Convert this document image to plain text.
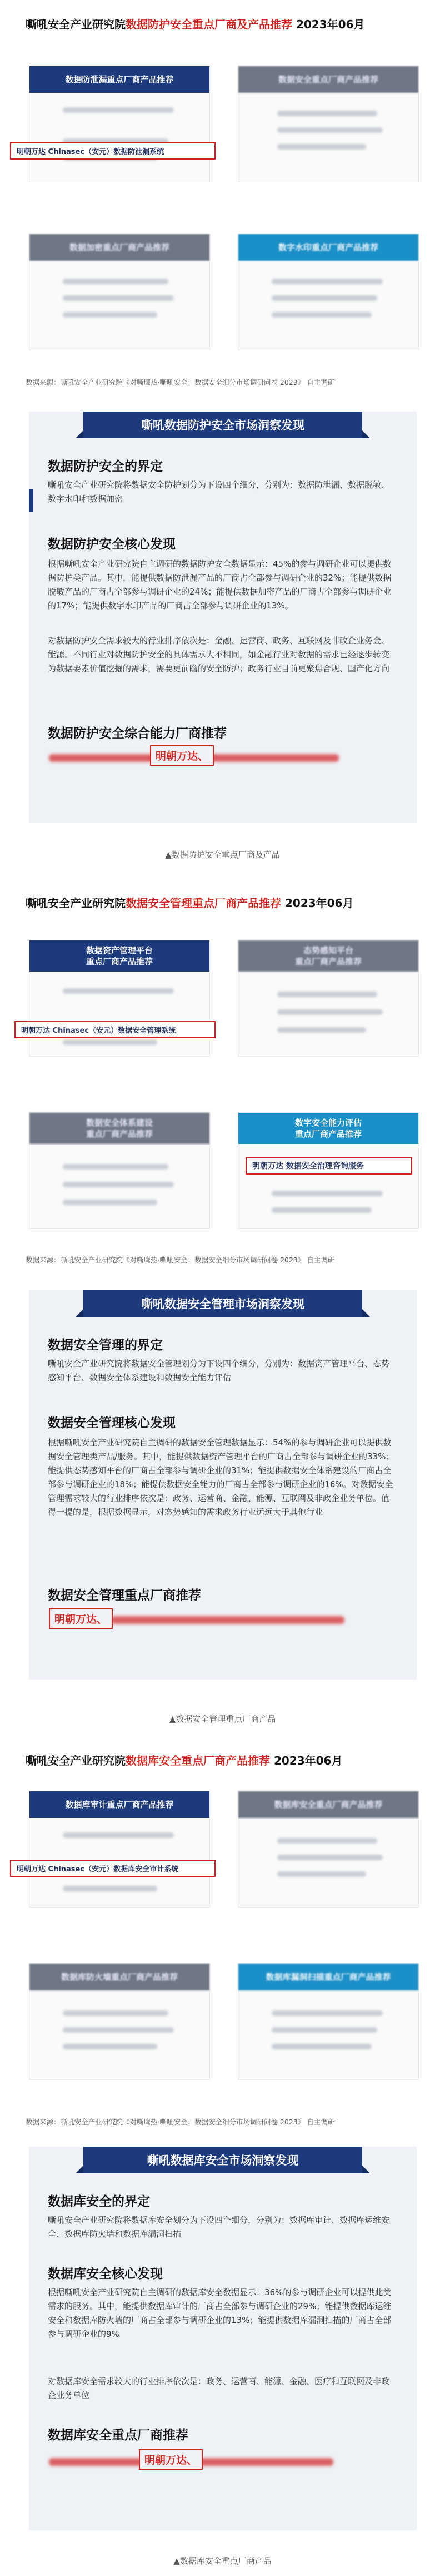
嘶吼安全产业研究院数据防护安全重点厂商及产品推荐 2023年06月
数据防泄漏重点厂商产品推荐
明朝万达 Chinasec（安元）数据防泄漏系统
数据安全重点厂商产品推荐
数据加密重点厂商产品推荐	数字水印重点厂商产品推荐
数据来源：嘶吼安全产业研究院《对嘶鹰热·嘶吼安全：数据安全细分市场调研问卷 2023》 自主调研
嘶吼数据防护安全市场洞察发现
数据防护安全的界定
嘶吼安全产业研究院将数据安全防护划分为下设四个细分，分别为：数据防泄漏、数据脱敏、数字水印和数据加密
数据防护安全核心发现
根据嘶吼安全产业研究院自主调研的数据防护安全数据显示：45%的参与调研企业可以提供数据防护类产品。其中，能提供数据防泄漏产品的厂商占全部参与调研企业的32%；能提供数据脱敏产品的厂商占全部参与调研企业的24%；能提供数据加密产品的厂商占全部参与调研企业的17%；能提供数字水印产品的厂商占全部参与调研企业的13%。
对数据防护安全需求较大的行业排序依次是：金融、运营商、政务、互联网及非政企业务金、能源。不同行业对数据防护安全的具体需求大不相同，如金融行业对数据的需求已经逐步转变为数据要素价值挖掘的需求，需要更前瞻的安全防护；政务行业目前更聚焦合规、国产化方向
数据防护安全综合能力厂商推荐
明朝万达、
▲数据防护安全重点厂商及产品
嘶吼安全产业研究院数据安全管理重点厂商产品推荐 2023年06月
数据资产管理平台
重点厂商产品推荐
明朝万达 Chinasec（安元）数据安全管理系统
态势感知平台
重点厂商产品推荐
数据安全体系建设
重点厂商产品推荐
数字安全能力评估
重点厂商产品推荐
明朝万达 数据安全治理咨询服务
数据来源：嘶吼安全产业研究院《对嘶鹰热·嘶吼安全：数据安全细分市场调研问卷 2023》 自主调研
嘶吼数据安全管理市场洞察发现
数据安全管理的界定
嘶吼安全产业研究院将数据安全管理划分为下设四个细分，分别为：数据资产管理平台、态势感知平台、数据安全体系建设和数据安全能力评估
数据安全管理核心发现
根据嘶吼安全产业研究院自主调研的数据安全管理数据显示：54%的参与调研企业可以提供数据安全管理类产品/服务。其中，能提供数据资产管理平台的厂商占全部参与调研企业的33%；能提供态势感知平台的厂商占全部参与调研企业的31%；能提供数据安全体系建设的厂商占全部参与调研企业的18%；能提供数据安全能力的厂商占全部参与调研企业的16%。对数据安全管理需求较大的行业排序依次是：政务、运营商、金融、能源、互联网及非政企业务单位。值得一提的是，根据数据显示，对态势感知的需求政务行业远远大于其他行业
数据安全管理重点厂商推荐
明朝万达、
▲数据安全管理重点厂商产品
嘶吼安全产业研究院数据库安全重点厂商产品推荐 2023年06月
数据库审计重点厂商产品推荐
明朝万达 Chinasec（安元）数据库安全审计系统
数据库安全重点厂商产品推荐
数据库防火墙重点厂商产品推荐	数据库漏洞扫描重点厂商产品推荐
数据来源：嘶吼安全产业研究院《对嘶鹰热·嘶吼安全：数据安全细分市场调研问卷 2023》 自主调研
嘶吼数据库安全市场洞察发现
数据库安全的界定
嘶吼安全产业研究院将数据库安全划分为下设四个细分，分别为：数据库审计、数据库运维安全、数据库防火墙和数据库漏洞扫描
数据库安全核心发现
根据嘶吼安全产业研究院自主调研的数据库安全数据显示：36%的参与调研企业可以提供此类需求的服务。其中，能提供数据库审计的厂商占全部参与调研企业的29%；能提供数据库运维安全和数据库防火墙的厂商占全部参与调研企业的13%；能提供数据库漏洞扫描的厂商占全部参与调研企业的9%
对数据库安全需求较大的行业排序依次是：政务、运营商、能源、金融、医疗和互联网及非政企业务单位
数据库安全重点厂商推荐
明朝万达、
▲数据库安全重点厂商产品
